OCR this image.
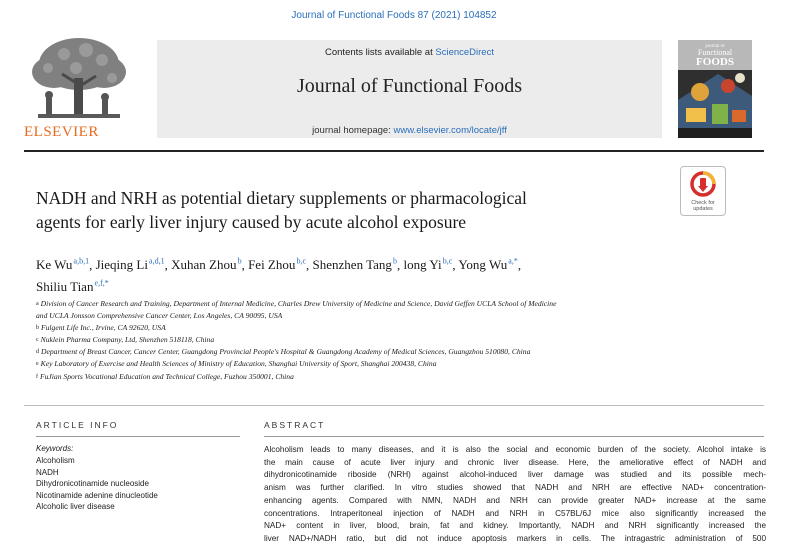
Journal of Functional Foods 87 (2021) 104852
ELSEVIER
Contents lists available at ScienceDirect
Journal of Functional Foods
journal homepage: www.elsevier.com/locate/jff
journal of
Functional
FOODS
NADH and NRH as potential dietary supplements or pharmacological
agents for early liver injury caused by acute alcohol exposure
Check for
updates
Ke Wu $^{a,b,1}$, Jieqing Li $^{a,d,1}$, Xuhan Zhou $^b$, Fei Zhou $^{b,c}$, Shenzhen Tang $^b$, long Yi $^{b,c}$, Yong Wu $^{a,*}$,
Shiliu Tian $^{e,f,*}$
$^a$ Division of Cancer Research and Training, Department of Internal Medicine, Charles Drew University of Medicine and Science, David Geffen UCLA School of Medicine
and UCLA Jonsson Comprehensive Cancer Center, Los Angeles, CA 90095, USA
$^b$ Fulgent Life Inc., Irvine, CA 92620, USA
$^c$ Nuklein Pharma Company, Ltd, Shenzhen 518118, China
$^d$ Department of Breast Cancer, Cancer Center, Guangdong Provincial People's Hospital & Guangdong Academy of Medical Sciences, Guangzhou 510080, China
$^e$ Key Laboratory of Exercise and Health Sciences of Ministry of Education, Shanghai University of Sport, Shanghai 200438, China
$^f$ FuJian Sports Vocational Education and Technical College, Fuzhou 350001, China
ARTICLE INFO	ABSTRACT
Keywords:
Alcoholism
NADH
Dihydronicotinamide nucleoside
Nicotinamide adenine dinucleotide
Alcoholic liver disease
Alcoholism leads to many diseases, and it is also the social and economic burden of the society. Alcohol intake is
the main cause of acute liver injury and chronic liver disease. Here, the ameliorative effect of NADH and
dihydronicotinamide riboside (NRH) against alcohol-induced liver damage was studied and its possible mech-
anism was further clarified. In vitro studies showed that NADH and NRH are effective NAD+ concentration-
enhancing agents. Compared with NMN, NADH and NRH can provide greater NAD+ increase at the same
concentrations. Intraperitoneal injection of NADH and NRH in C57BL/6J mice also significantly increased the
NAD+ content in liver, blood, brain, fat and kidney. Importantly, NADH and NRH significantly increased the
liver NAD+/NADH ratio, but did not induce apoptosis markers in cells. The intragastric administration of 500
